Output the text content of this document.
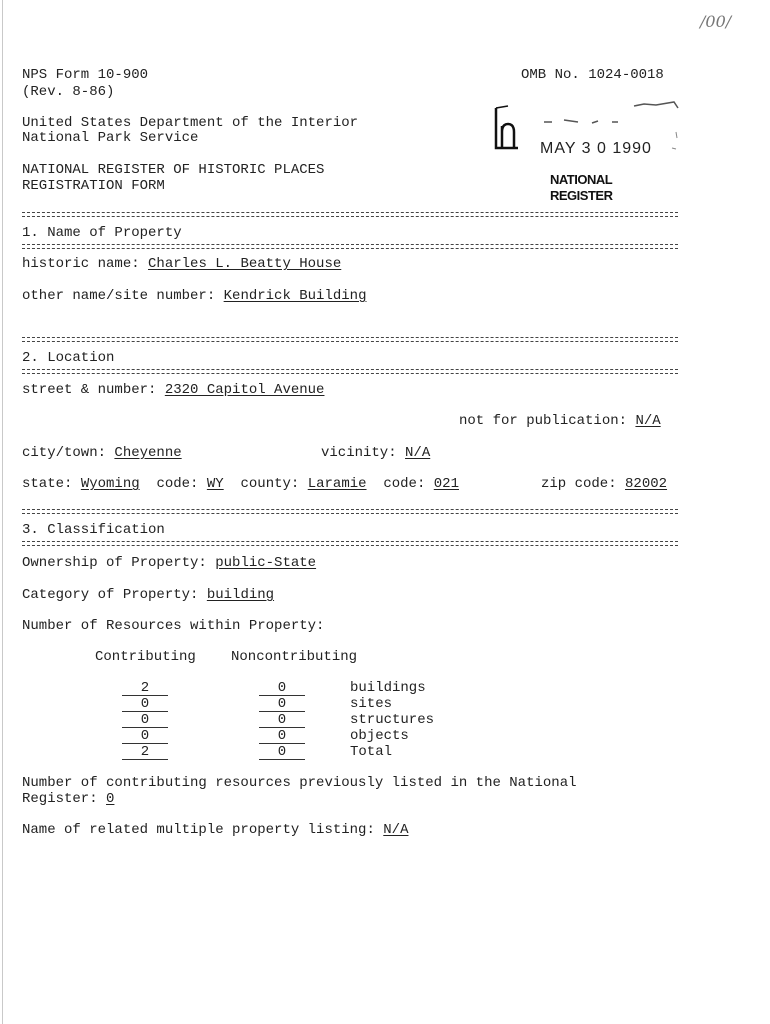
/00/
NPS Form 10-900
(Rev. 8-86)
OMB No. 1024-0018
United States Department of the Interior
National Park Service
NATIONAL REGISTER OF HISTORIC PLACES
REGISTRATION FORM
MAY 3 0 1990
NATIONAL
REGISTER
1. Name of Property
historic name: Charles L. Beatty House
other name/site number: Kendrick Building
2. Location
street & number: 2320 Capitol Avenue
not for publication: N/A
city/town: Cheyenne	vicinity: N/A
state: Wyoming code: WY county: Laramie code: 021	zip code: 82002
3. Classification
Ownership of Property: public-State
Category of Property: building
Number of Resources within Property:
Contributing	Noncontributing
2	0	buildings
0	0	sites
0	0	structures
0	0	objects
2	0	Total
Number of contributing resources previously listed in the National
Register: 0
Name of related multiple property listing: N/A
